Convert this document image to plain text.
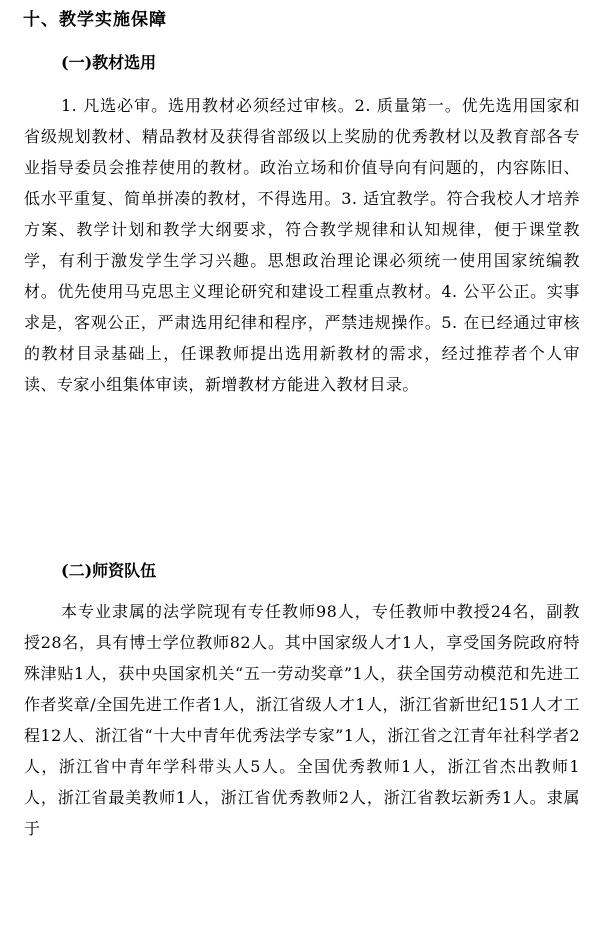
十、教学实施保障
(一)教材选用

1. 凡选必审。选用教材必须经过审核。2. 质量第一。优先选用国家和省级规划教材、精品教材及获得省部级以上奖励的优秀教材以及教育部各专业指导委员会推荐使用的教材。政治立场和价值导向有问题的，内容陈旧、低水平重复、简单拼凑的教材，不得选用。3. 适宜教学。符合我校人才培养方案、教学计划和教学大纲要求，符合教学规律和认知规律，便于课堂教学，有利于激发学生学习兴趣。思想政治理论课必须统一使用国家统编教材。优先使用马克思主义理论研究和建设工程重点教材。4. 公平公正。实事求是，客观公正，严肃选用纪律和程序，严禁违规操作。5. 在已经通过审核的教材目录基础上，任课教师提出选用新教材的需求，经过推荐者个人审读、专家小组集体审读，新增教材方能进入教材目录。

(二)师资队伍

本专业隶属的法学院现有专任教师98人，专任教师中教授24名，副教授28名，具有博士学位教师82人。其中国家级人才1人，享受国务院政府特殊津贴1人，获中央国家机关“五一劳动奖章”1人，获全国劳动模范和先进工作者奖章/全国先进工作者1人，浙江省级人才1人，浙江省新世纪151人才工程12人、浙江省“十大中青年优秀法学专家”1人，浙江省之江青年社科学者2人，浙江省中青年学科带头人5人。全国优秀教师1人，浙江省杰出教师1人，浙江省最美教师1人，浙江省优秀教师2人，浙江省教坛新秀1人。隶属于
